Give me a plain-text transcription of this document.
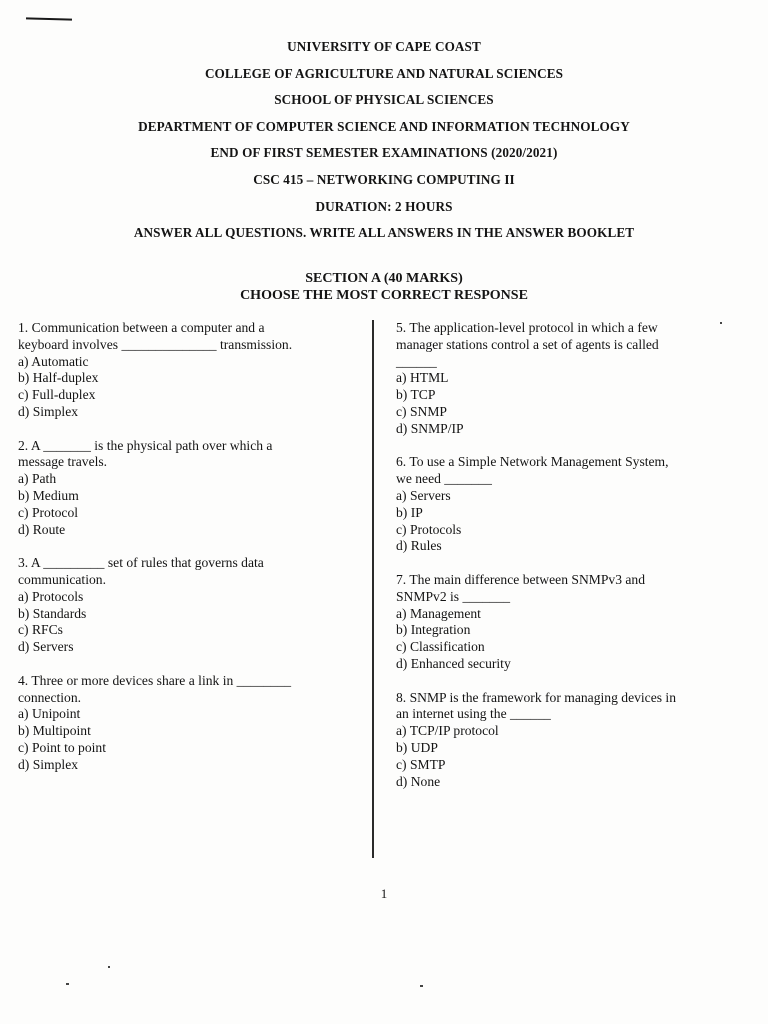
UNIVERSITY OF CAPE COAST
COLLEGE OF AGRICULTURE AND NATURAL SCIENCES
SCHOOL OF PHYSICAL SCIENCES
DEPARTMENT OF COMPUTER SCIENCE AND INFORMATION TECHNOLOGY
END OF FIRST SEMESTER EXAMINATIONS (2020/2021)
CSC 415 – NETWORKING COMPUTING II
DURATION: 2 HOURS
ANSWER ALL QUESTIONS. WRITE ALL ANSWERS IN THE ANSWER BOOKLET
SECTION A (40 MARKS)
CHOOSE THE MOST CORRECT RESPONSE

1. Communication between a computer and a
keyboard involves ______________ transmission.

a) Automatic

b) Half-duplex

c) Full-duplex

d) Simplex

2. A _______ is the physical path over which a
message travels.

a) Path

b) Medium

c) Protocol

d) Route

3. A _________ set of rules that governs data
communication.

a) Protocols

b) Standards

c) RFCs

d) Servers

4. Three or more devices share a link in ________
connection.

a) Unipoint

b) Multipoint

c) Point to point

d) Simplex

5. The application-level protocol in which a few
manager stations control a set of agents is called
______

a) HTML

b) TCP

c) SNMP

d) SNMP/IP

6. To use a Simple Network Management System,
we need _______

a) Servers

b) IP

c) Protocols

d) Rules

7. The main difference between SNMPv3 and
SNMPv2 is _______

a) Management

b) Integration

c) Classification

d) Enhanced security

8. SNMP is the framework for managing devices in
an internet using the ______

a) TCP/IP protocol

b) UDP

c) SMTP

d) None

1
